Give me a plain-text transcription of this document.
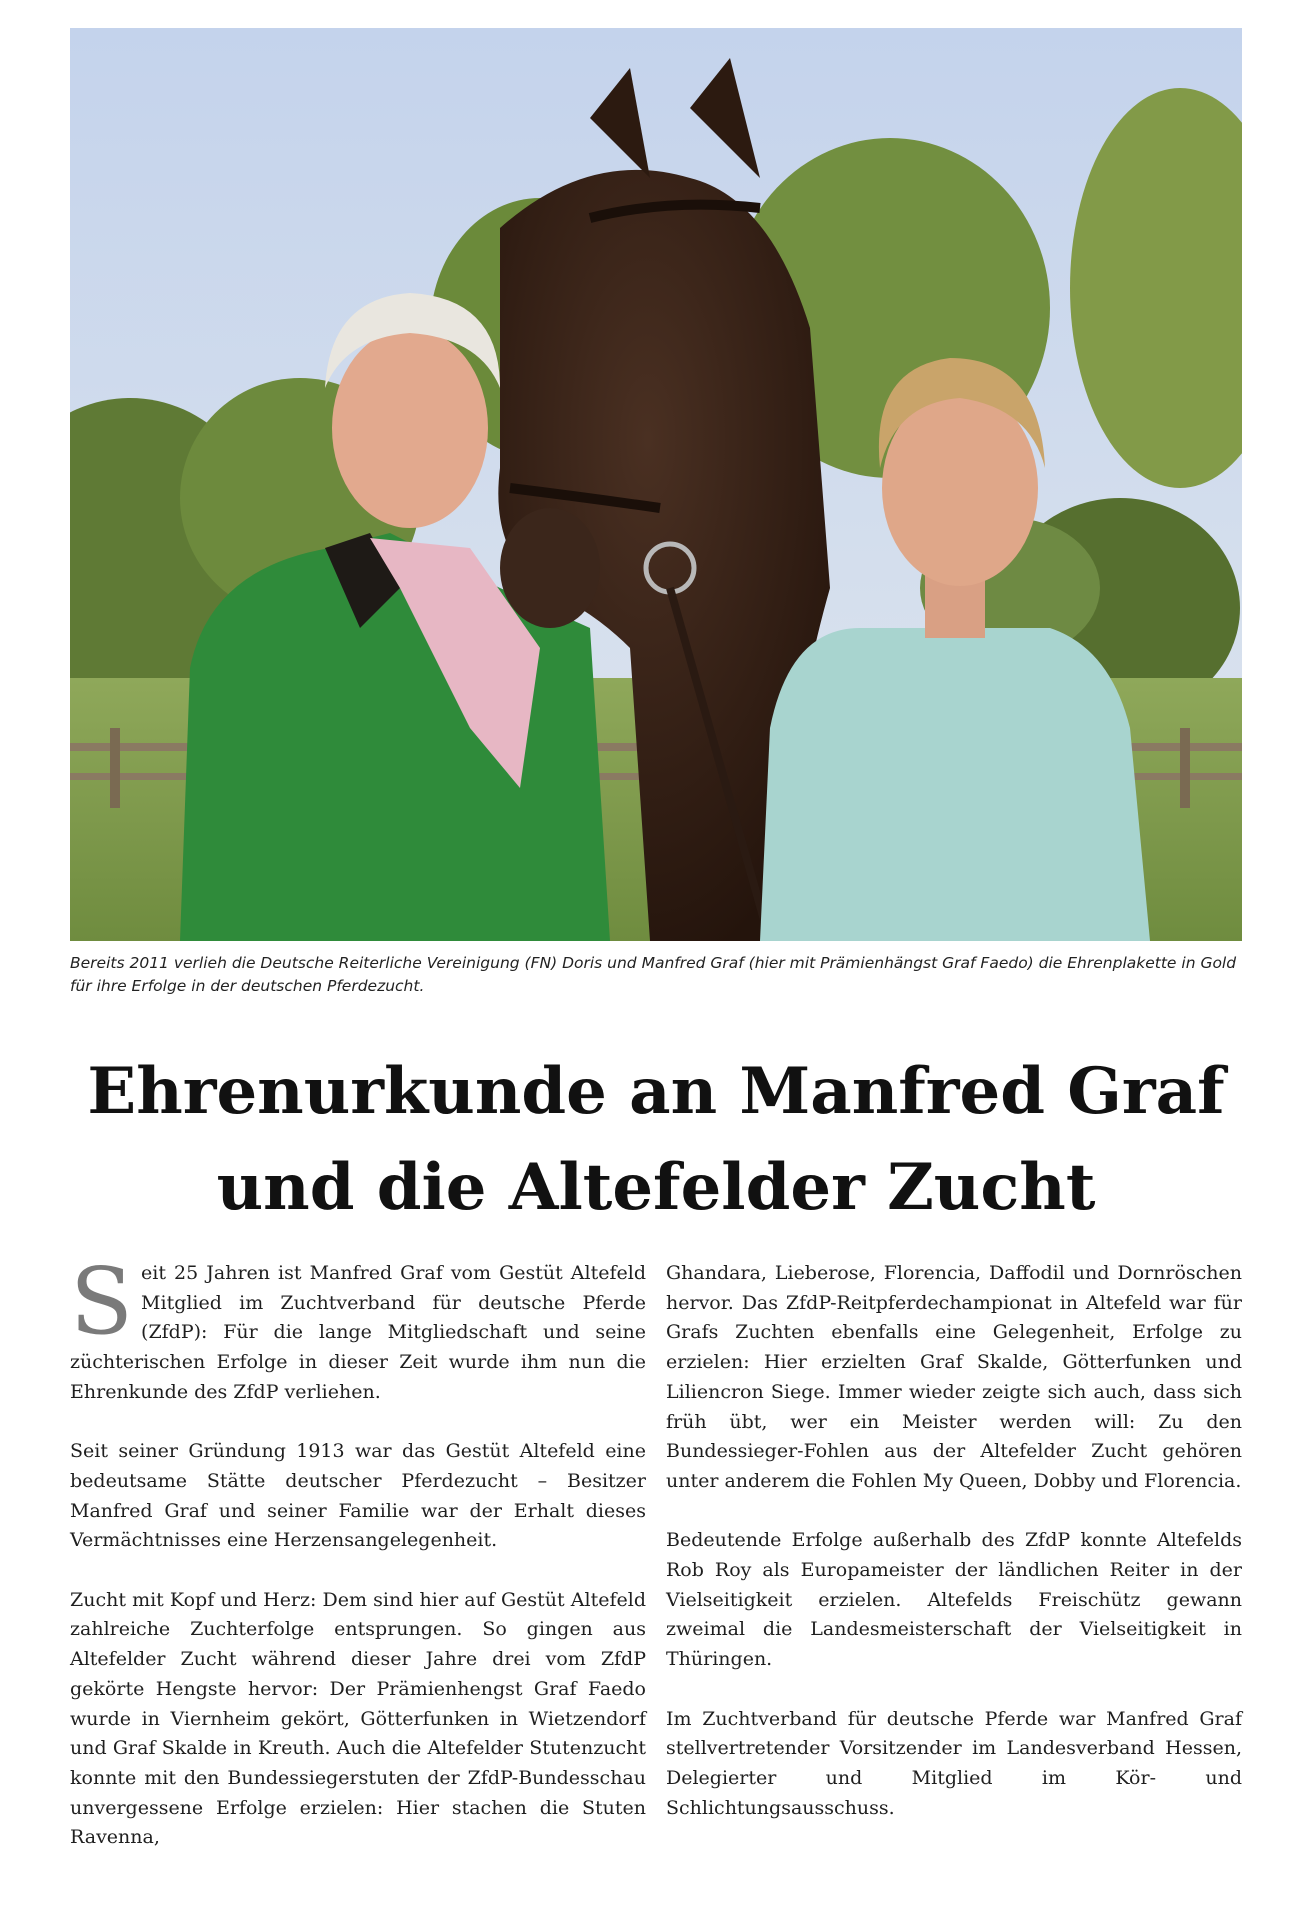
Bereits 2011 verlieh die Deutsche Reiterliche Vereinigung (FN) Doris und Manfred Graf (hier mit Prämienhängst Graf Faedo) die Ehrenplakette in Gold für ihre Erfolge in der deutschen Pferdezucht.
Ehrenurkunde an Manfred Graf
und die Altefelder Zucht

Seit 25 Jahren ist Manfred Graf vom Gestüt Altefeld Mitglied im Zuchtverband für deutsche Pferde (ZfdP): Für die lange Mitgliedschaft und seine züchterischen Erfolge in dieser Zeit wurde ihm nun die Ehrenkunde des ZfdP verliehen.

Seit seiner Gründung 1913 war das Gestüt Altefeld eine bedeutsame Stätte deutscher Pferdezucht – Besitzer Manfred Graf und seiner Familie war der Erhalt dieses Vermächtnisses eine Herzensangelegenheit.

Zucht mit Kopf und Herz: Dem sind hier auf Gestüt Altefeld zahlreiche Zuchterfolge entsprungen. So gingen aus Altefelder Zucht während dieser Jahre drei vom ZfdP gekörte Hengste hervor: Der Prämienhengst Graf Faedo wurde in Viernheim gekört, Götterfunken in Wietzendorf und Graf Skalde in Kreuth. Auch die Altefelder Stutenzucht konnte mit den Bundessiegerstuten der ZfdP-Bundesschau unvergessene Erfolge erzielen: Hier stachen die Stuten Ravenna,

Ghandara, Lieberose, Florencia, Daffodil und Dornröschen hervor. Das ZfdP-Reitpferdechampionat in Altefeld war für Grafs Zuchten ebenfalls eine Gelegenheit, Erfolge zu erzielen: Hier erzielten Graf Skalde, Götterfunken und Liliencron Siege. Immer wieder zeigte sich auch, dass sich früh übt, wer ein Meister werden will: Zu den Bundessieger-Fohlen aus der Altefelder Zucht gehören unter anderem die Fohlen My Queen, Dobby und Florencia.

Bedeutende Erfolge außerhalb des ZfdP konnte Altefelds Rob Roy als Europameister der ländlichen Reiter in der Vielseitigkeit erzielen. Altefelds Freischütz gewann zweimal die Landesmeisterschaft der Vielseitigkeit in Thüringen.

Im Zuchtverband für deutsche Pferde war Manfred Graf stellvertretender Vorsitzender im Landesverband Hessen, Delegierter und Mitglied im Kör- und Schlichtungsausschuss.
